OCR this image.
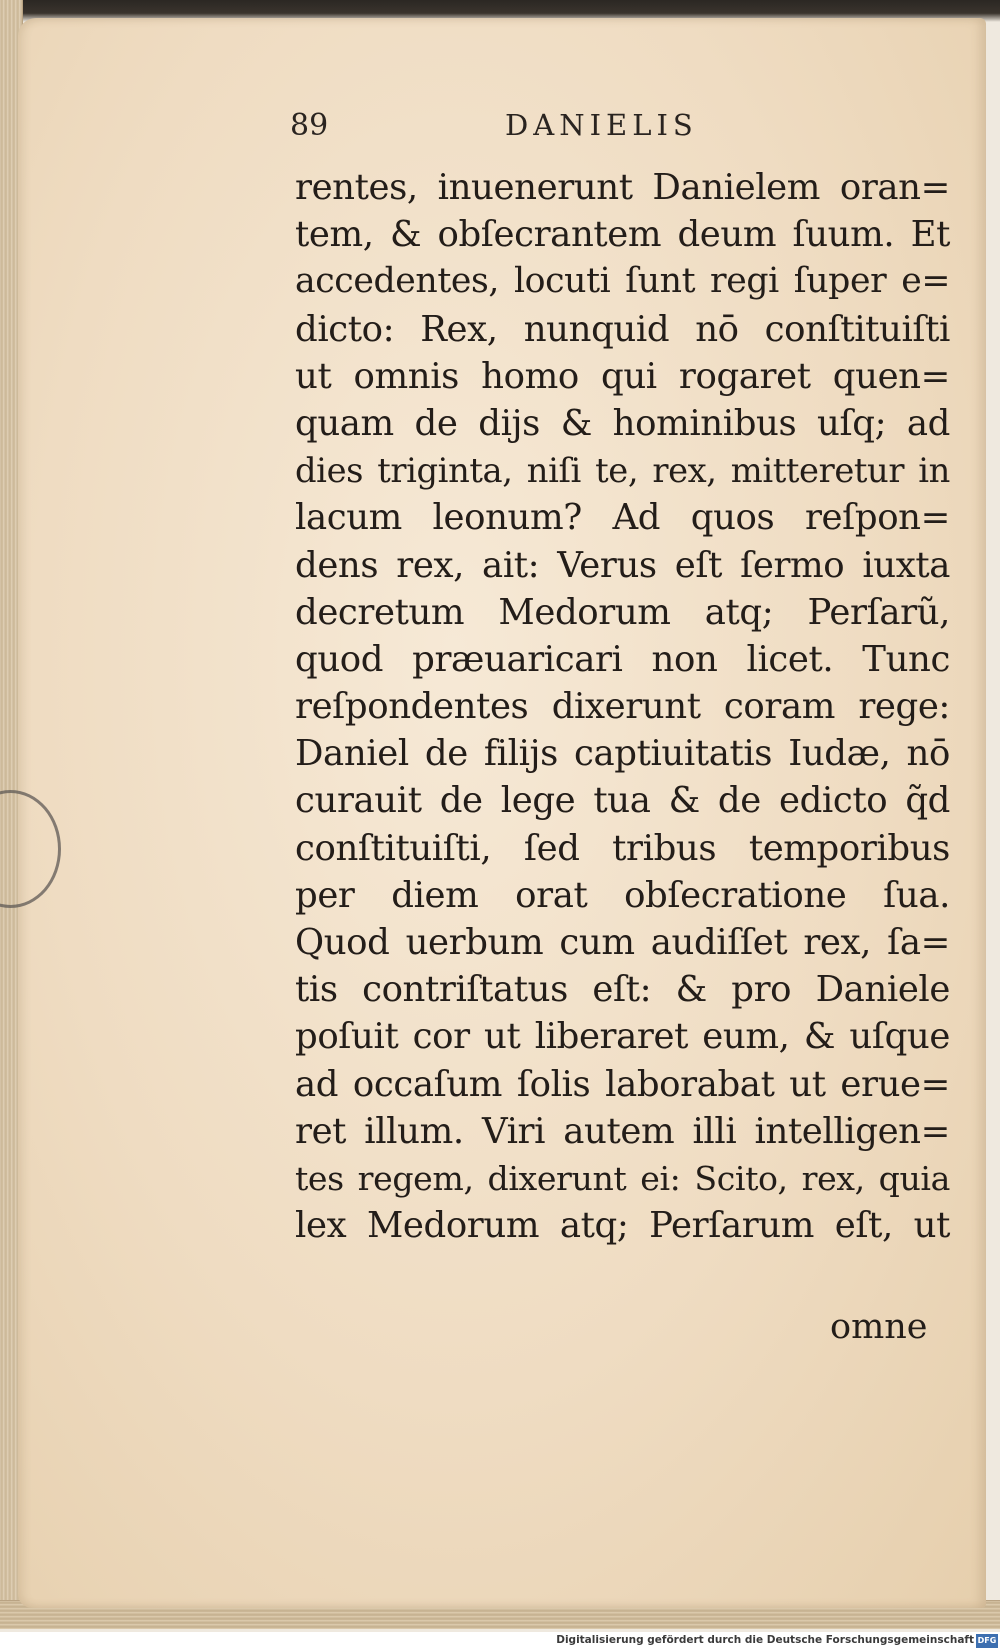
89	DANIELIS
rentes, inuenerunt Danielem oran=
tem, & obſecrantem deum ſuum. Et
accedentes, locuti ſunt regi ſuper e=
dicto: Rex, nunquid nō conſtituiſti
ut omnis homo qui rogaret quen=
quam de dijs & hominibus uſq; ad
dies triginta, niſi te, rex, mitteretur in
lacum leonum? Ad quos reſpon=
dens rex, ait: Verus eſt ſermo iuxta
decretum Medorum atq; Perſarũ,
quod præuaricari non licet. Tunc
reſpondentes dixerunt coram rege:
Daniel de filijs captiuitatis Iudæ, nō
curauit de lege tua & de edicto q̃d
conſtituiſti, ſed tribus temporibus
per diem orat obſecratione ſua.
Quod uerbum cum audiſſet rex, ſa=
tis contriſtatus eſt: & pro Daniele
poſuit cor ut liberaret eum, & uſque
ad occaſum ſolis laborabat ut erue=
ret illum. Viri autem illi intelligen=
tes regem, dixerunt ei: Scito, rex, quia
lex Medorum atq; Perſarum eſt, ut
omne
Digitalisierung gefördert durch die Deutsche Forschungsgemeinschaft DFG
